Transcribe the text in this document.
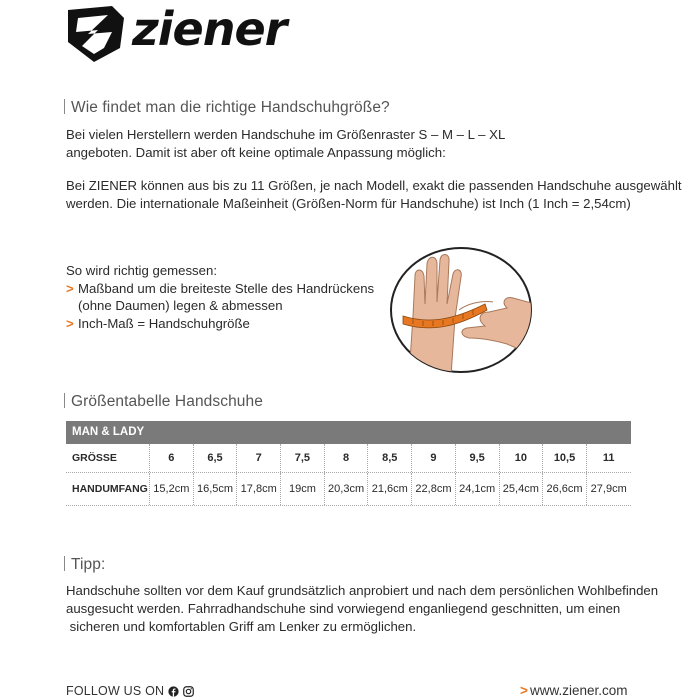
ziener
Wie findet man die richtige Handschuhgröße?
Bei vielen Herstellern werden Handschuhe im Größenraster S – M – L – XL
angeboten. Damit ist aber oft keine optimale Anpassung möglich:
Bei ZIENER können aus bis zu 11 Größen, je nach Modell, exakt die passenden Handschuhe ausgewählt
werden. Die internationale Maßeinheit (Größen-Norm für Handschuhe) ist Inch (1 Inch = 2,54cm)
So wird richtig gemessen:
> Maßband um die breiteste Stelle des Handrückens
(ohne Daumen) legen & abmessen
> Inch-Maß = Handschuhgröße
Größentabelle Handschuhe
MAN & LADY
GRÖSSE	6	6,5	7	7,5	8	8,5	9	9,5	10	10,5	11
HANDUMFANG 15,2cm 16,5cm 17,8cm	19cm	20,3cm 21,6cm 22,8cm 24,1cm 25,4cm 26,6cm 27,9cm
Tipp:
Handschuhe sollten vor dem Kauf grundsätzlich anprobiert und nach dem persönlichen Wohlbefinden
ausgesucht werden. Fahrradhandschuhe sind vorwiegend enganliegend geschnitten, um einen
sicheren und komfortablen Griff am Lenker zu ermöglichen.
FOLLOW US ON	> www.ziener.com
